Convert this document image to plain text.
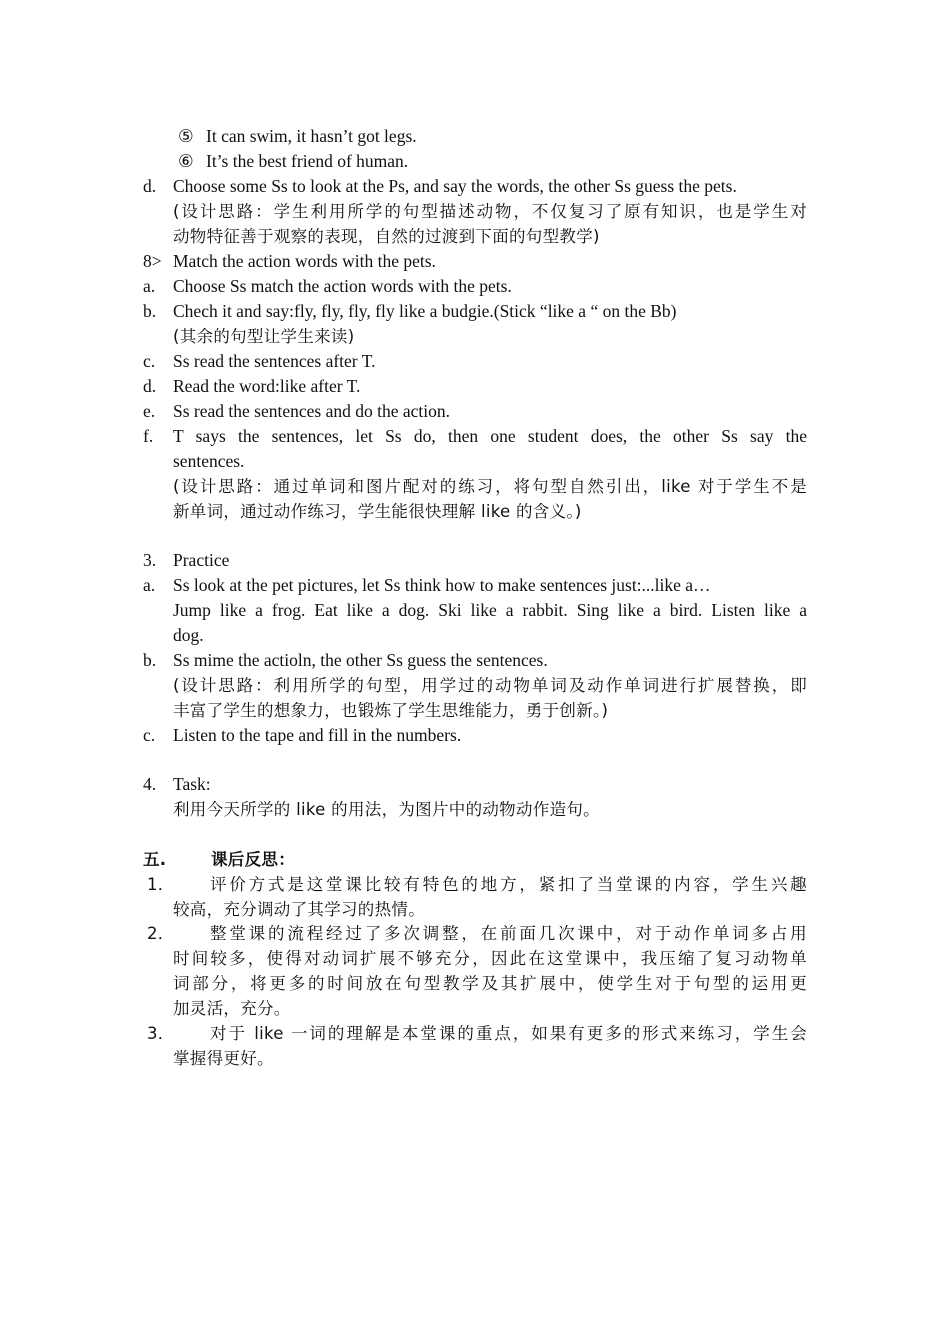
⑤ It can swim, it hasn’t got legs.
⑥ It’s the best friend of human.
d. Choose some Ss to look at the Ps, and say the words, the other Ss guess the pets.
(设计思路：学生利用所学的句型描述动物，不仅复习了原有知识，也是学生对
动物特征善于观察的表现，自然的过渡到下面的句型教学)
8> Match the action words with the pets.
a. Choose Ss match the action words with the pets.
b. Chech it and say:fly, fly, fly, fly like a budgie.(Stick “like a “ on the Bb)
(其余的句型让学生来读)
c. Ss read the sentences after T.
d. Read the word:like after T.
e. Ss read the sentences and do the action.
f. T says the sentences, let Ss do, then one student does, the other Ss say the
sentences.
(设计思路：通过单词和图片配对的练习，将句型自然引出，like 对于学生不是
新单词，通过动作练习，学生能很快理解 like 的含义。)
3. Practice
a. Ss look at the pet pictures, let Ss think how to make sentences just:...like a…
Jump like a frog. Eat like a dog. Ski like a rabbit. Sing like a bird. Listen like a
dog.
b. Ss mime the actioln, the other Ss guess the sentences.
(设计思路：利用所学的句型，用学过的动物单词及动作单词进行扩展替换，即
丰富了学生的想象力，也锻炼了学生思维能力，勇于创新。)
c. Listen to the tape and fill in the numbers.
4. Task:
利用今天所学的 like 的用法，为图片中的动物动作造句。
五.	课后反思：
1． 评价方式是这堂课比较有特色的地方，紧扣了当堂课的内容，学生兴趣
较高，充分调动了其学习的热情。
2． 整堂课的流程经过了多次调整，在前面几次课中，对于动作单词多占用
时间较多，使得对动词扩展不够充分，因此在这堂课中，我压缩了复习动物单
词部分，将更多的时间放在句型教学及其扩展中，使学生对于句型的运用更
加灵活，充分。
3． 对于 like 一词的理解是本堂课的重点，如果有更多的形式来练习，学生会
掌握得更好。
